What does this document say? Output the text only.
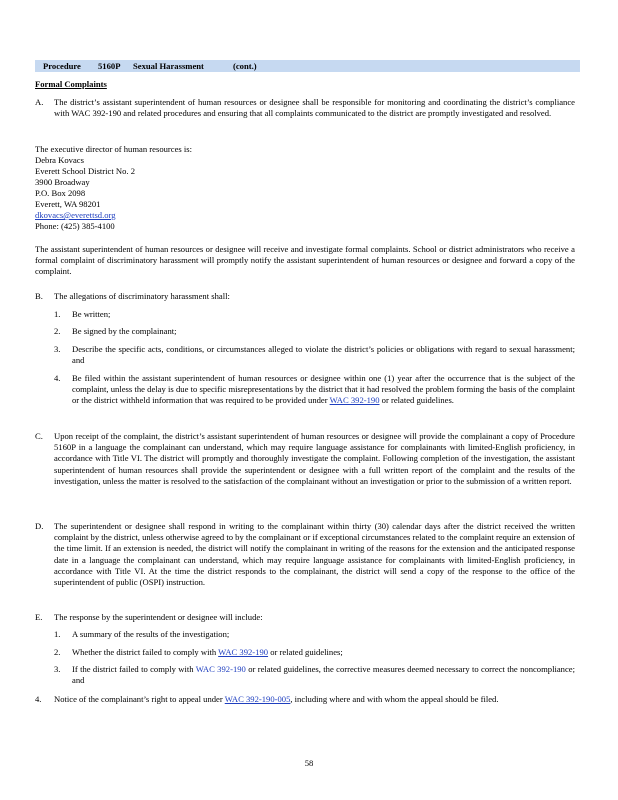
Procedure 5160P Sexual Harassment	(cont.)
Formal Complaints
A. The district’s assistant superintendent of human resources or designee shall be responsible for monitoring and coordinating the district’s compliance with WAC 392-190 and related procedures and ensuring that all complaints communicated to the district are promptly investigated and resolved.
The executive director of human resources is:
Debra Kovacs
Everett School District No. 2
3900 Broadway
P.O. Box 2098
Everett, WA 98201
dkovacs@everettsd.org
Phone: (425) 385-4100
The assistant superintendent of human resources or designee will receive and investigate formal complaints. School or district administrators who receive a formal complaint of discriminatory harassment will promptly notify the assistant superintendent of human resources or designee and forward a copy of the complaint.
B. The allegations of discriminatory harassment shall:
1. Be written;
2. Be signed by the complainant;
3. Describe the specific acts, conditions, or circumstances alleged to violate the district’s policies or obligations with regard to sexual harassment; and
4. Be filed within the assistant superintendent of human resources or designee within one (1) year after the occurrence that is the subject of the complaint, unless the delay is due to specific misrepresentations by the district that it had resolved the problem forming the basis of the complaint or the district withheld information that was required to be provided under WAC 392-190 or related guidelines.
C. Upon receipt of the complaint, the district’s assistant superintendent of human resources or designee will provide the complainant a copy of Procedure 5160P in a language the complainant can understand, which may require language assistance for complainants with limited-English proficiency, in accordance with Title VI. The district will promptly and thoroughly investigate the complaint. Following completion of the investigation, the assistant superintendent of human resources shall provide the superintendent or designee with a full written report of the complaint and the results of the investigation, unless the matter is resolved to the satisfaction of the complainant without an investigation or prior to the submission of a written report.
D. The superintendent or designee shall respond in writing to the complainant within thirty (30) calendar days after the district received the written complaint by the district, unless otherwise agreed to by the complainant or if exceptional circumstances related to the complaint require an extension of the time limit. If an extension is needed, the district will notify the complainant in writing of the reasons for the extension and the anticipated response date in a language the complainant can understand, which may require language assistance for complainants with limited-English proficiency, in accordance with Title VI. At the time the district responds to the complainant, the district will send a copy of the response to the office of the superintendent of public (OSPI) instruction.
E. The response by the superintendent or designee will include:
1. A summary of the results of the investigation;
2. Whether the district failed to comply with WAC 392-190 or related guidelines;
3. If the district failed to comply with WAC 392-190 or related guidelines, the corrective measures deemed necessary to correct the noncompliance; and
4. Notice of the complainant’s right to appeal under WAC 392-190-005, including where and with whom the appeal should be filed.
58
